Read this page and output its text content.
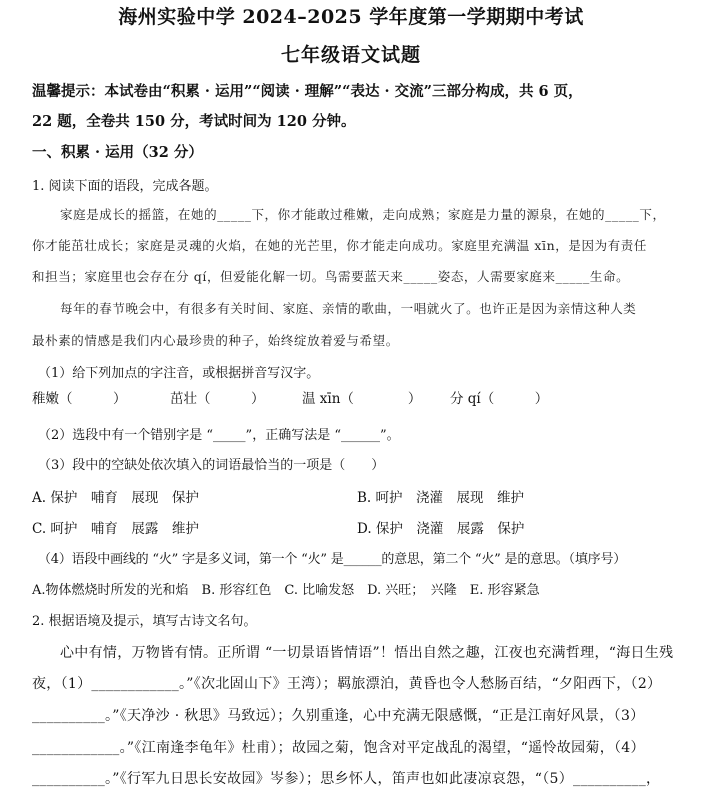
海州实验中学 2024–2025 学年度第一学期期中考试
七年级语文试题
温馨提示：本试卷由“积累 · 运用”“阅读 · 理解”“表达 · 交流”三部分构成，共 6 页，
22 题，全卷共 150 分，考试时间为 120 分钟。
一、积累 · 运用（32 分）
1. 阅读下面的语段，完成各题。
家庭是成长的摇篮，在她的_____下，你才能敢过稚嫩，走向成熟；家庭是力量的源泉，在她的_____下，
你才能茁壮成长；家庭是灵魂的火焰，在她的光芒里，你才能走向成功。家庭里充满温 xīn，是因为有责任
和担当；家庭里也会存在分 qí，但爱能化解一切。鸟需要蓝天来_____姿态，人需要家庭来_____生命。
每年的春节晚会中，有很多有关时间、家庭、亲情的歌曲，一唱就火了。也许正是因为亲情这种人类
最朴素的情感是我们内心最珍贵的种子，始终绽放着爱与希望。
（1）给下列加点的字注音，或根据拼音写汉字。
稚嫩（　　　）	茁壮（　　　）	温 xīn（　　　　） 分 qí（　　　）
（2）选段中有一个错别字是 “_____”，正确写法是 “______”。
（3）段中的空缺处依次填入的词语最恰当的一项是（　　）
A. 保护　哺育　展现　保护	B. 呵护　浇灌　展现　维护
C. 呵护　哺育　展露　维护	D. 保护　浇灌　展露　保护
（4）语段中画线的 “火” 字是多义词，第一个 “火” 是______的意思，第二个 “火” 是的意思。（填序号）
A.物体燃烧时所发的光和焰　B. 形容红色　C. 比喻发怒　D. 兴旺；　兴隆　E. 形容紧急
2. 根据语境及提示，填写古诗文名句。
心中有情，万物皆有情。正所谓 “一切景语皆情语”！悟出自然之趣，江夜也充满哲理，“海日生残
夜，（1）____________。”《次北固山下》王湾）；羁旅漂泊，黄昏也令人愁肠百结，“夕阳西下，（2）
__________。”《天净沙 · 秋思》马致远）；久别重逢，心中充满无限感慨，“正是江南好风景，（3）
____________。”《江南逢李龟年》杜甫）；故园之菊，饱含对平定战乱的渴望，“遥怜故园菊，（4）
__________。”《行军九日思长安故园》岑参）；思乡怀人，笛声也如此凄凉哀怨，“（5）__________，
